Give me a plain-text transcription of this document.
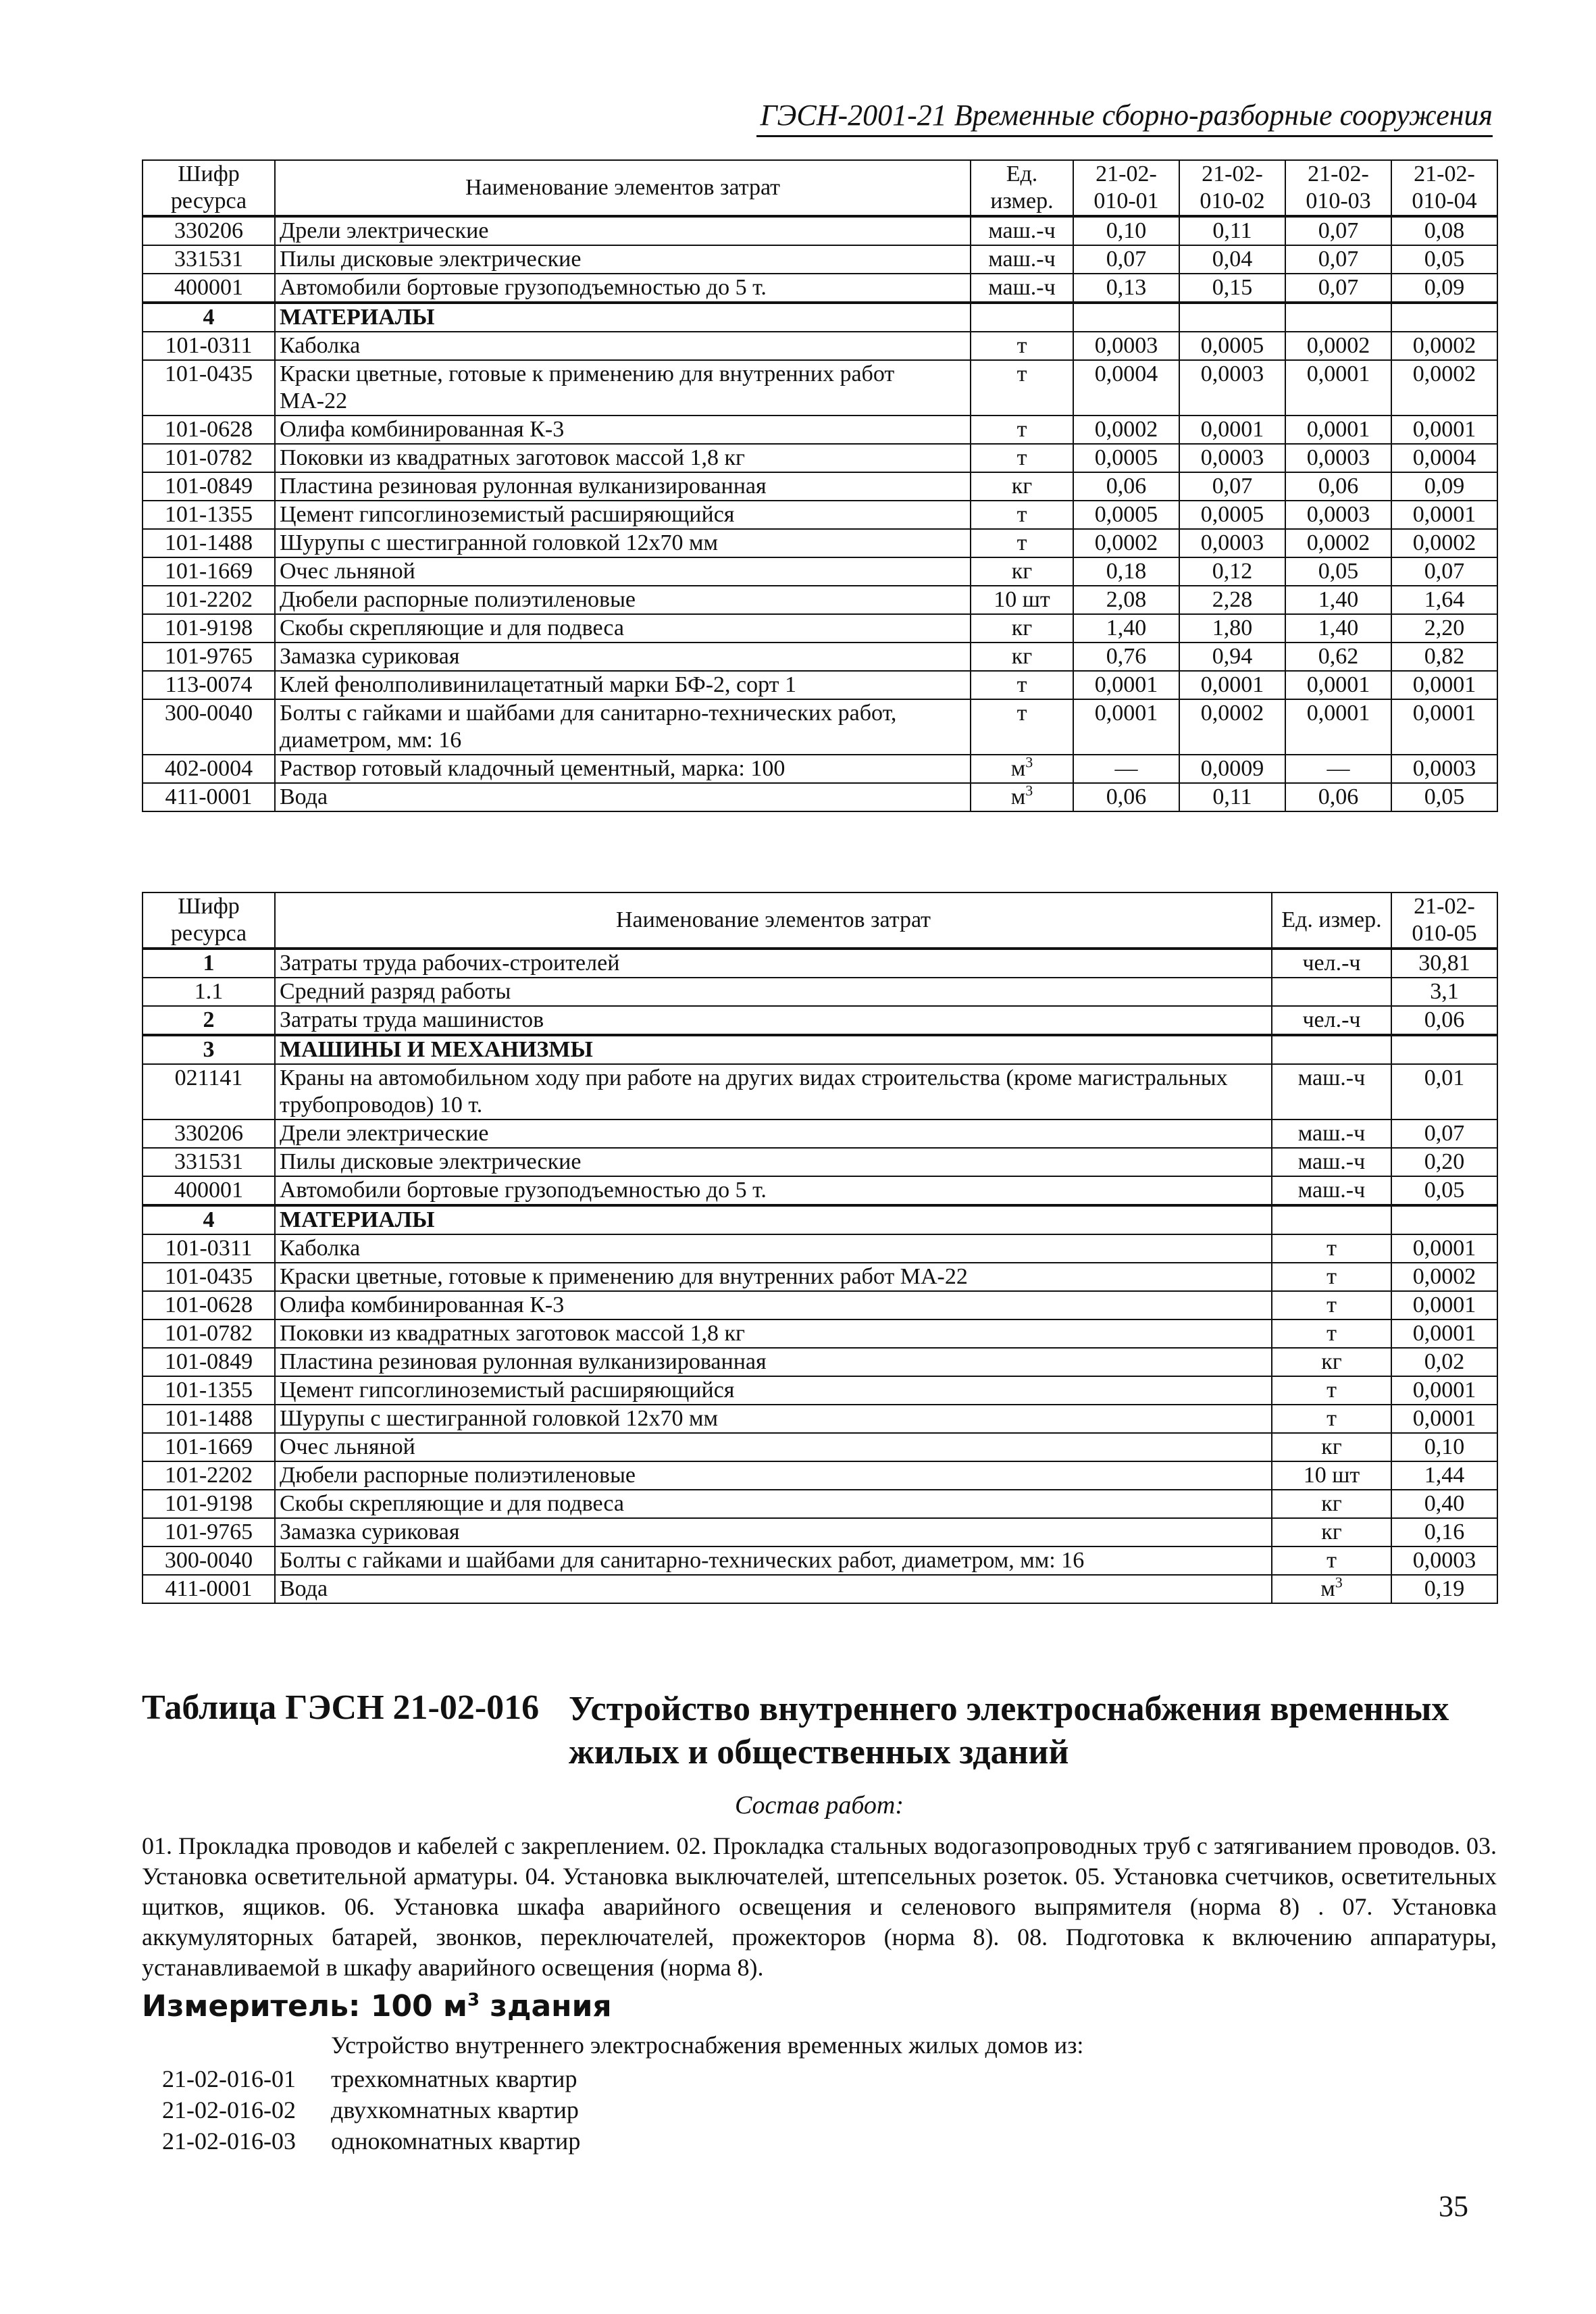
ГЭСН-2001-21 Временные сборно-разборные сооружения
Шифр ресурса	Наименование элементов затрат	Ед. измер.	21-02-010-01	21-02-010-02	21-02-010-03	21-02-010-04
330206	Дрели электрические	маш.-ч	0,10	0,11	0,07	0,08
331531	Пилы дисковые электрические	маш.-ч	0,07	0,04	0,07	0,05
400001	Автомобили бортовые грузоподъемностью до 5 т.	маш.-ч	0,13	0,15	0,07	0,09
4	МАТЕРИАЛЫ					
101-0311	Каболка	т	0,0003	0,0005	0,0002	0,0002
101-0435	Краски цветные, готовые к применению для внутренних работ МА-22	т	0,0004	0,0003	0,0001	0,0002
101-0628	Олифа комбинированная К-3	т	0,0002	0,0001	0,0001	0,0001
101-0782	Поковки из квадратных заготовок массой 1,8 кг	т	0,0005	0,0003	0,0003	0,0004
101-0849	Пластина резиновая рулонная вулканизированная	кг	0,06	0,07	0,06	0,09
101-1355	Цемент гипсоглиноземистый расширяющийся	т	0,0005	0,0005	0,0003	0,0001
101-1488	Шурупы с шестигранной головкой 12х70 мм	т	0,0002	0,0003	0,0002	0,0002
101-1669	Очес льняной	кг	0,18	0,12	0,05	0,07
101-2202	Дюбели распорные полиэтиленовые	10 шт	2,08	2,28	1,40	1,64
101-9198	Скобы скрепляющие и для подвеса	кг	1,40	1,80	1,40	2,20
101-9765	Замазка суриковая	кг	0,76	0,94	0,62	0,82
113-0074	Клей фенолполивинилацетатный марки БФ-2, сорт 1	т	0,0001	0,0001	0,0001	0,0001
300-0040	Болты с гайками и шайбами для санитарно-технических работ, диаметром, мм: 16	т	0,0001	0,0002	0,0001	0,0001
402-0004	Раствор готовый кладочный цементный, марка: 100	$м^3$	—	0,0009	—	0,0003
411-0001	Вода	$м^3$	0,06	0,11	0,06	0,05
Шифр ресурса	Наименование элементов затрат	Ед. измер.	21-02-010-05
1	Затраты труда рабочих-строителей	чел.-ч	30,81
1.1	Средний разряд работы		3,1
2	Затраты труда машинистов	чел.-ч	0,06
3	МАШИНЫ И МЕХАНИЗМЫ		
021141	Краны на автомобильном ходу при работе на других видах строительства (кроме магистральных трубопроводов) 10 т.	маш.-ч	0,01
330206	Дрели электрические	маш.-ч	0,07
331531	Пилы дисковые электрические	маш.-ч	0,20
400001	Автомобили бортовые грузоподъемностью до 5 т.	маш.-ч	0,05
4	МАТЕРИАЛЫ		
101-0311	Каболка	т	0,0001
101-0435	Краски цветные, готовые к применению для внутренних работ МА-22	т	0,0002
101-0628	Олифа комбинированная К-3	т	0,0001
101-0782	Поковки из квадратных заготовок массой 1,8 кг	т	0,0001
101-0849	Пластина резиновая рулонная вулканизированная	кг	0,02
101-1355	Цемент гипсоглиноземистый расширяющийся	т	0,0001
101-1488	Шурупы с шестигранной головкой 12х70 мм	т	0,0001
101-1669	Очес льняной	кг	0,10
101-2202	Дюбели распорные полиэтиленовые	10 шт	1,44
101-9198	Скобы скрепляющие и для подвеса	кг	0,40
101-9765	Замазка суриковая	кг	0,16
300-0040	Болты с гайками и шайбами для санитарно-технических работ, диаметром, мм: 16	т	0,0003
411-0001	Вода	$м^3$	0,19
Таблица ГЭСН 21-02-016 Устройство внутреннего электроснабжения временных жилых и общественных зданий
Состав работ:
01. Прокладка проводов и кабелей с закреплением. 02. Прокладка стальных водогазопроводных труб с затягиванием проводов. 03. Установка осветительной арматуры. 04. Установка выключателей, штепсельных розеток. 05. Установка счетчиков, осветительных щитков, ящиков. 06. Установка шкафа аварийного освещения и селенового выпрямителя (норма 8) . 07. Установка аккумуляторных батарей, звонков, переключателей, прожекторов (норма 8). 08. Подготовка к включению аппаратуры, устанавливаемой в шкафу аварийного освещения (норма 8).
Измеритель: 100 $м^3$ здания
Устройство внутреннего электроснабжения временных жилых домов из:
21-02-016-01 трехкомнатных квартир
21-02-016-02 двухкомнатных квартир
21-02-016-03 однокомнатных квартир
35
